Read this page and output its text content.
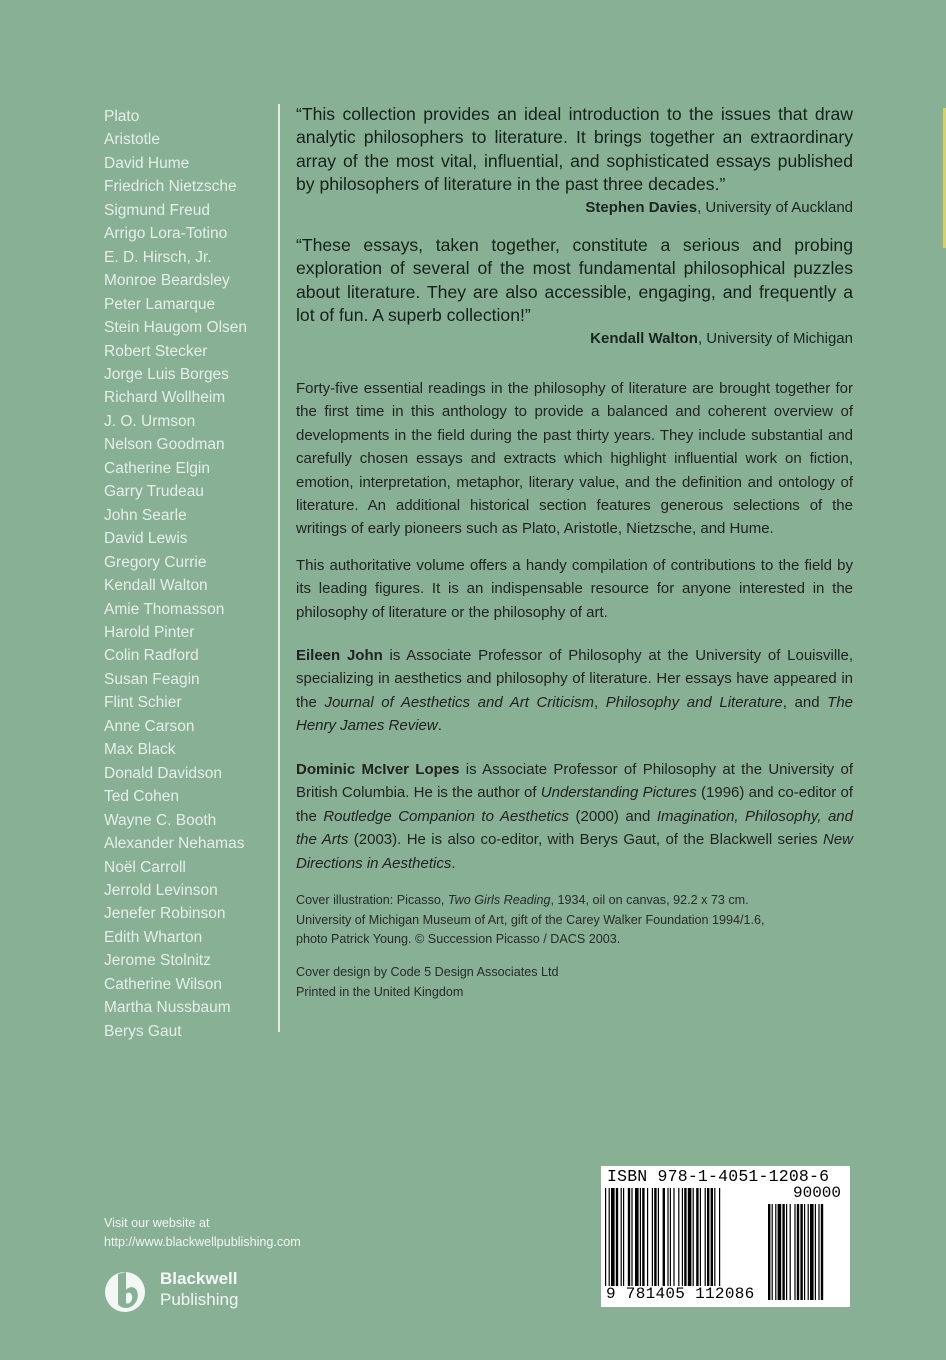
Plato
Aristotle
David Hume
Friedrich Nietzsche
Sigmund Freud
Arrigo Lora-Totino
E. D. Hirsch, Jr.
Monroe Beardsley
Peter Lamarque
Stein Haugom Olsen
Robert Stecker
Jorge Luis Borges
Richard Wollheim
J. O. Urmson
Nelson Goodman
Catherine Elgin
Garry Trudeau
John Searle
David Lewis
Gregory Currie
Kendall Walton
Amie Thomasson
Harold Pinter
Colin Radford
Susan Feagin
Flint Schier
Anne Carson
Max Black
Donald Davidson
Ted Cohen
Wayne C. Booth
Alexander Nehamas
Noël Carroll
Jerrold Levinson
Jenefer Robinson
Edith Wharton
Jerome Stolnitz
Catherine Wilson
Martha Nussbaum
Berys Gaut

“This collection provides an ideal introduction to the issues that draw analytic philosophers to literature. It brings together an extraordinary array of the most vital, influential, and sophisticated essays published by philosophers of literature in the past three decades.”

Stephen Davies, University of Auckland

“These essays, taken together, constitute a serious and probing exploration of several of the most fundamental philosophical puzzles about literature. They are also accessible, engaging, and frequently a lot of fun. A superb collection!”

Kendall Walton, University of Michigan

Forty-five essential readings in the philosophy of literature are brought together for the first time in this anthology to provide a balanced and coherent overview of developments in the field during the past thirty years. They include substantial and carefully chosen essays and extracts which highlight influential work on fiction, emotion, interpretation, metaphor, literary value, and the definition and ontology of literature. An additional historical section features generous selections of the writings of early pioneers such as Plato, Aristotle, Nietzsche, and Hume.

This authoritative volume offers a handy compilation of contributions to the field by its leading figures. It is an indispensable resource for anyone interested in the philosophy of literature or the philosophy of art.

Eileen John is Associate Professor of Philosophy at the University of Louisville, specializing in aesthetics and philosophy of literature. Her essays have appeared in the Journal of Aesthetics and Art Criticism, Philosophy and Literature, and The Henry James Review.

Dominic McIver Lopes is Associate Professor of Philosophy at the University of British Columbia. He is the author of Understanding Pictures (1996) and co-editor of the Routledge Companion to Aesthetics (2000) and Imagination, Philosophy, and the Arts (2003). He is also co-editor, with Berys Gaut, of the Blackwell series New Directions in Aesthetics.

Cover illustration: Picasso, Two Girls Reading, 1934, oil on canvas, 92.2 x 73 cm.

University of Michigan Museum of Art, gift of the Carey Walker Foundation 1994/1.6,

photo Patrick Young. © Succession Picasso / DACS 2003.

Cover design by Code 5 Design Associates Ltd

Printed in the United Kingdom

Visit our website at
http://www.blackwellpublishing.com
Blackwell
Publishing
ISBN 978-1-4051-1208-6
90000
9 781405 112086
